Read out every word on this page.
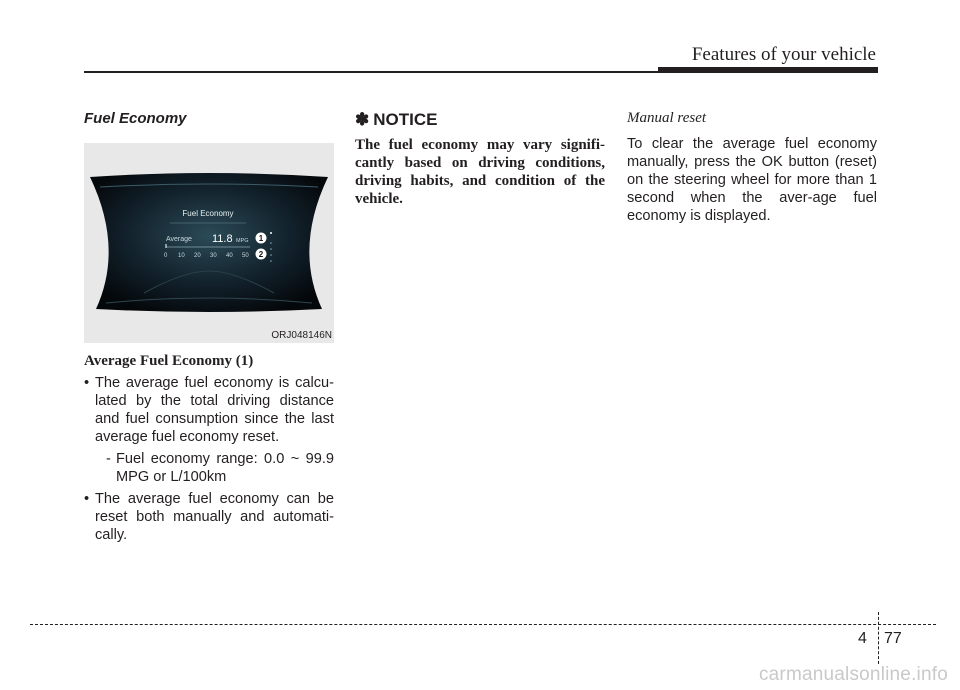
Features of your vehicle
Fuel Economy
Fuel Economy
Average 11.8 MPG
0 10 20 30 40 50
1
2
ORJ048146N
Average Fuel Economy (1)
• The average fuel economy is calcu-lated by the total driving distance and fuel consumption since the last average fuel economy reset.
- Fuel economy range: 0.0 ~ 99.9 MPG or L/100km
• The average fuel economy can be reset both manually and automati-cally.
✽ NOTICE
The fuel economy may vary signifi-cantly based on driving conditions, driving habits, and condition of the vehicle.
Manual reset
To clear the average fuel economy manually, press the OK button (reset) on the steering wheel for more than 1 second when the aver-age fuel economy is displayed.
4 77
carmanualsonline.info
